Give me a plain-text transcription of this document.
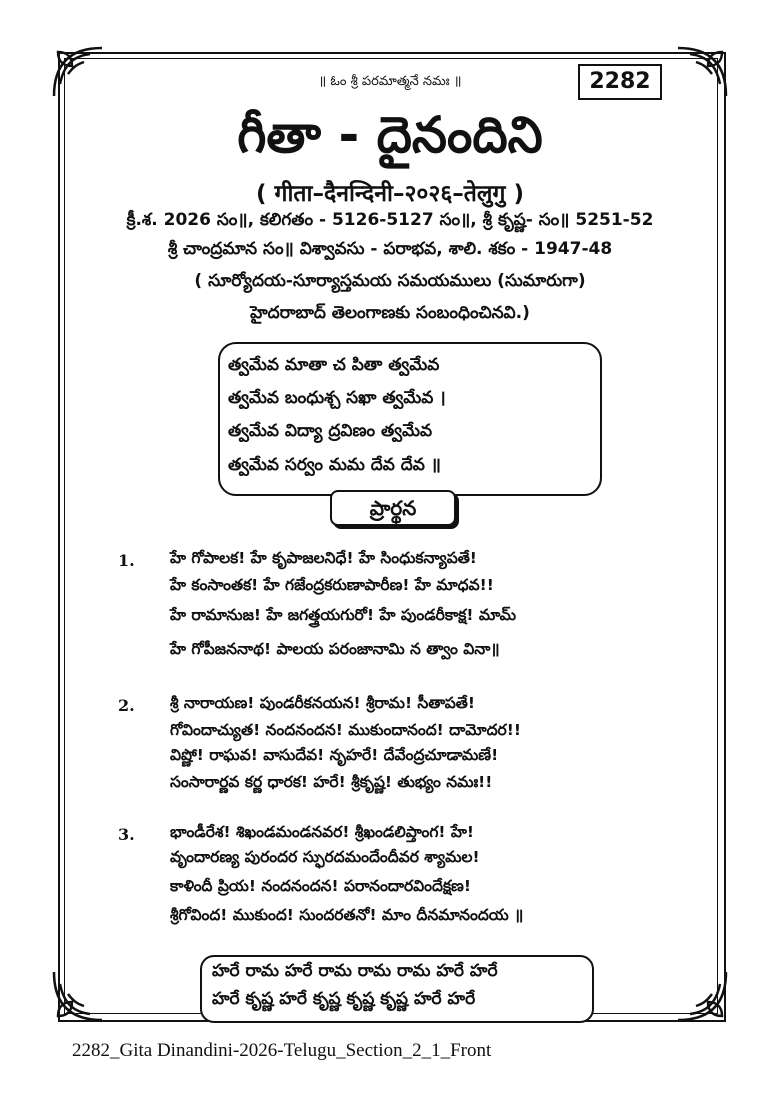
॥ ఓం శ్రీ పరమాత్మనే నమః ॥	2282
గీతా - దైనందిని
( गीता–दैनन्दिनी–२०२६–तेलुगु )
క్రీ.శ. 2026 సం॥, కలిగతం - 5126-5127 సం॥, శ్రీ కృష్ణ- సం॥ 5251-52
శ్రీ చాంద్రమాన సం॥ విశ్వావసు - పరాభవ, శాలి. శకం - 1947-48
( సూర్యోదయ-సూర్యాస్తమయ సమయములు (సుమారుగా)
హైదరాబాద్ తెలంగాణకు సంబంధించినవి.)
త్వమేవ మాతా చ పితా త్వమేవ
త్వమేవ బంధుశ్చ సఖా త్వమేవ ।
త్వమేవ విద్యా ద్రవిణం త్వమేవ
త్వమేవ సర్వం మమ దేవ దేవ ॥
ప్రార్థన
1. హే గోపాలక! హే కృపాజలనిధే! హే సింధుకన్యాపతే!
హే కంసాంతక! హే గజేంద్రకరుణాపారీణ! హే మాధవ!!
హే రామానుజ! హే జగత్త్రయగురో! హే పుండరీకాక్ష! మామ్
హే గోపీజననాథ! పాలయ పరంజానామి న త్వాం వినా॥
2. శ్రీ నారాయణ! పుండరీకనయన! శ్రీరామ! సీతాపతే!
గోవిందాచ్యుత! నందనందన! ముకుందానంద! దామోదర!!
విష్ణో! రాఘవ! వాసుదేవ! నృహరే! దేవేంద్రచూడామణే!
సంసారార్ణవ కర్ణ ధారక! హరే! శ్రీకృష్ణ! తుభ్యం నమః!!
3. భాండీరేశ! శిఖండమండనవర! శ్రీఖండలిప్తాంగ! హే!
వృందారణ్య పురందర స్ఫురదమందేందీవర శ్యామల!
కాళిందీ ప్రియ! నందనందన! పరానందారవిందేక్షణ!
శ్రీగోవింద! ముకుంద! సుందరతనో! మాం దీనమానందయ ॥
హరే రామ హరే రామ రామ రామ హరే హరే
హరే కృష్ణ హరే కృష్ణ కృష్ణ కృష్ణ హరే హరే
2282_Gita Dinandini-2026-Telugu_Section_2_1_Front
